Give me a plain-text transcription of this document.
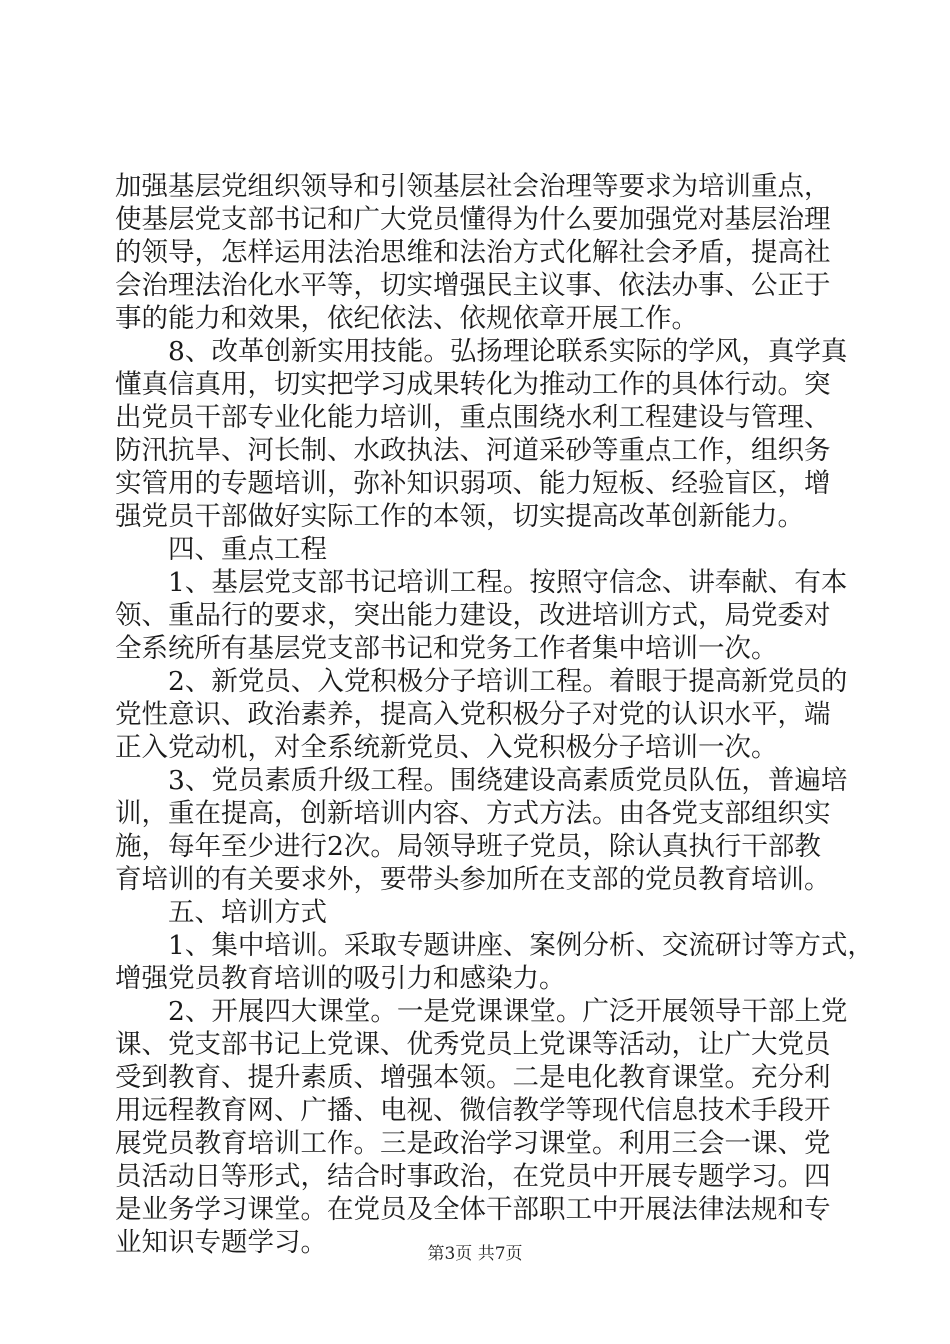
加强基层党组织领导和引领基层社会治理等要求为培训重点，
使基层党支部书记和广大党员懂得为什么要加强党对基层治理
的领导，怎样运用法治思维和法治方式化解社会矛盾，提高社
会治理法治化水平等，切实增强民主议事、依法办事、公正于
事的能力和效果，依纪依法、依规依章开展工作。
　　8、改革创新实用技能。弘扬理论联系实际的学风，真学真
懂真信真用，切实把学习成果转化为推动工作的具体行动。突
出党员干部专业化能力培训，重点围绕水利工程建设与管理、
防汛抗旱、河长制、水政执法、河道采砂等重点工作，组织务
实管用的专题培训，弥补知识弱项、能力短板、经验盲区，增
强党员干部做好实际工作的本领，切实提高改革创新能力。
　　四、重点工程
　　1、基层党支部书记培训工程。按照守信念、讲奉献、有本
领、重品行的要求，突出能力建设，改进培训方式，局党委对
全系统所有基层党支部书记和党务工作者集中培训一次。
　　2、新党员、入党积极分子培训工程。着眼于提高新党员的
党性意识、政治素养，提高入党积极分子对党的认识水平，端
正入党动机，对全系统新党员、入党积极分子培训一次。
　　3、党员素质升级工程。围绕建设高素质党员队伍，普遍培
训，重在提高，创新培训内容、方式方法。由各党支部组织实
施，每年至少进行2次。局领导班子党员，除认真执行干部教
育培训的有关要求外，要带头参加所在支部的党员教育培训。
　　五、培训方式
　　1、集中培训。采取专题讲座、案例分析、交流研讨等方式，
增强党员教育培训的吸引力和感染力。
　　2、开展四大课堂。一是党课课堂。广泛开展领导干部上党
课、党支部书记上党课、优秀党员上党课等活动，让广大党员
受到教育、提升素质、增强本领。二是电化教育课堂。充分利
用远程教育网、广播、电视、微信教学等现代信息技术手段开
展党员教育培训工作。三是政治学习课堂。利用三会一课、党
员活动日等形式，结合时事政治，在党员中开展专题学习。四
是业务学习课堂。在党员及全体干部职工中开展法律法规和专
业知识专题学习。	第3页 共7页
